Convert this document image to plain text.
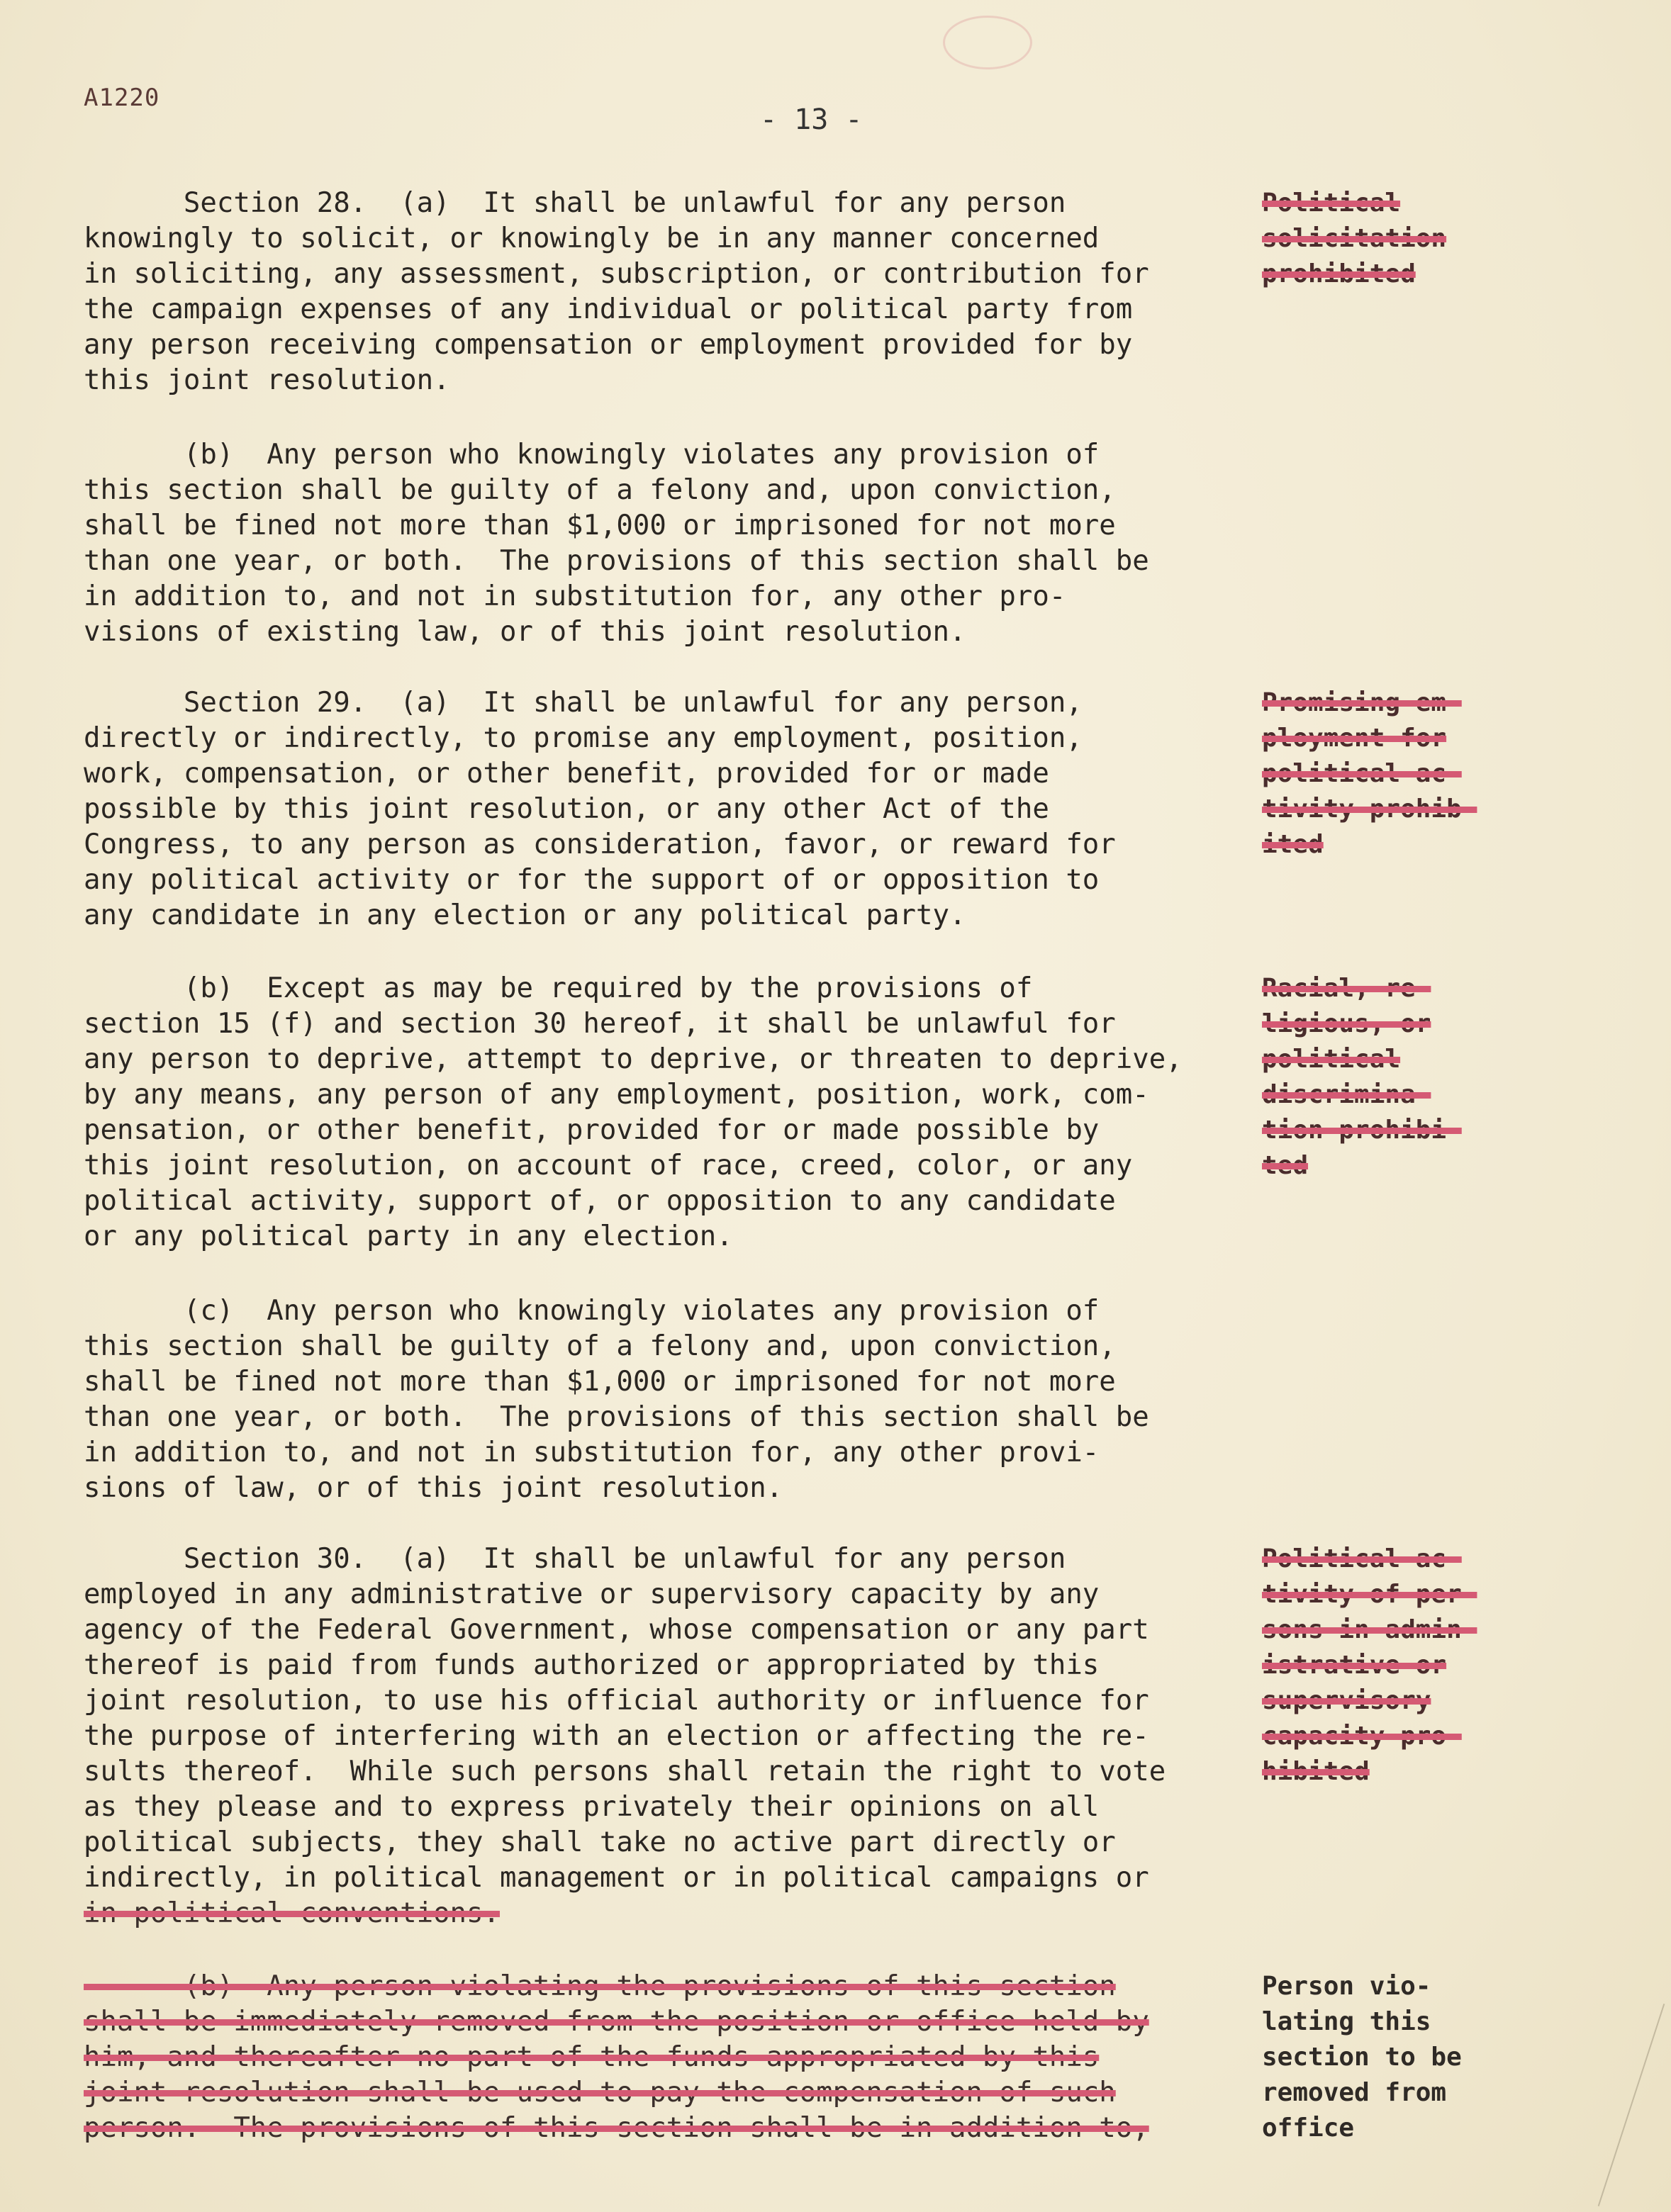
A1220
- 13 -
Section 28.  (a)  It shall be unlawful for any person
knowingly to solicit, or knowingly be in any manner concerned
in soliciting, any assessment, subscription, or contribution for
the campaign expenses of any individual or political party from
any person receiving compensation or employment provided for by
this joint resolution.
Political
solicitation
prohibited
(b)  Any person who knowingly violates any provision of
this section shall be guilty of a felony and, upon conviction,
shall be fined not more than $1,000 or imprisoned for not more
than one year, or both.  The provisions of this section shall be
in addition to, and not in substitution for, any other pro-
visions of existing law, or of this joint resolution.
Section 29.  (a)  It shall be unlawful for any person,
directly or indirectly, to promise any employment, position,
work, compensation, or other benefit, provided for or made
possible by this joint resolution, or any other Act of the
Congress, to any person as consideration, favor, or reward for
any political activity or for the support of or opposition to
any candidate in any election or any political party.
Promising em-
ployment for
political ac-
tivity prohib-
ited
(b)  Except as may be required by the provisions of
section 15 (f) and section 30 hereof, it shall be unlawful for
any person to deprive, attempt to deprive, or threaten to deprive,
by any means, any person of any employment, position, work, com-
pensation, or other benefit, provided for or made possible by
this joint resolution, on account of race, creed, color, or any
political activity, support of, or opposition to any candidate
or any political party in any election.
Racial, re-
ligious, or
political
discrimina-
tion prohibi-
ted
(c)  Any person who knowingly violates any provision of
this section shall be guilty of a felony and, upon conviction,
shall be fined not more than $1,000 or imprisoned for not more
than one year, or both.  The provisions of this section shall be
in addition to, and not in substitution for, any other provi-
sions of law, or of this joint resolution.
Section 30.  (a)  It shall be unlawful for any person
employed in any administrative or supervisory capacity by any
agency of the Federal Government, whose compensation or any part
thereof is paid from funds authorized or appropriated by this
joint resolution, to use his official authority or influence for
the purpose of interfering with an election or affecting the re-
sults thereof.  While such persons shall retain the right to vote
as they please and to express privately their opinions on all
political subjects, they shall take no active part directly or
indirectly, in political management or in political campaigns or
in political conventions.
Political ac-
tivity of per-
sons in admin-
istrative or
supervisory
capacity pro-
hibited
(b)  Any person violating the provisions of this section
shall be immediately removed from the position or office held by
him, and thereafter no part of the funds appropriated by this
joint resolution shall be used to pay the compensation of such
person.  The provisions of this section shall be in addition to,
Person vio-
lating this
section to be
removed from
office
